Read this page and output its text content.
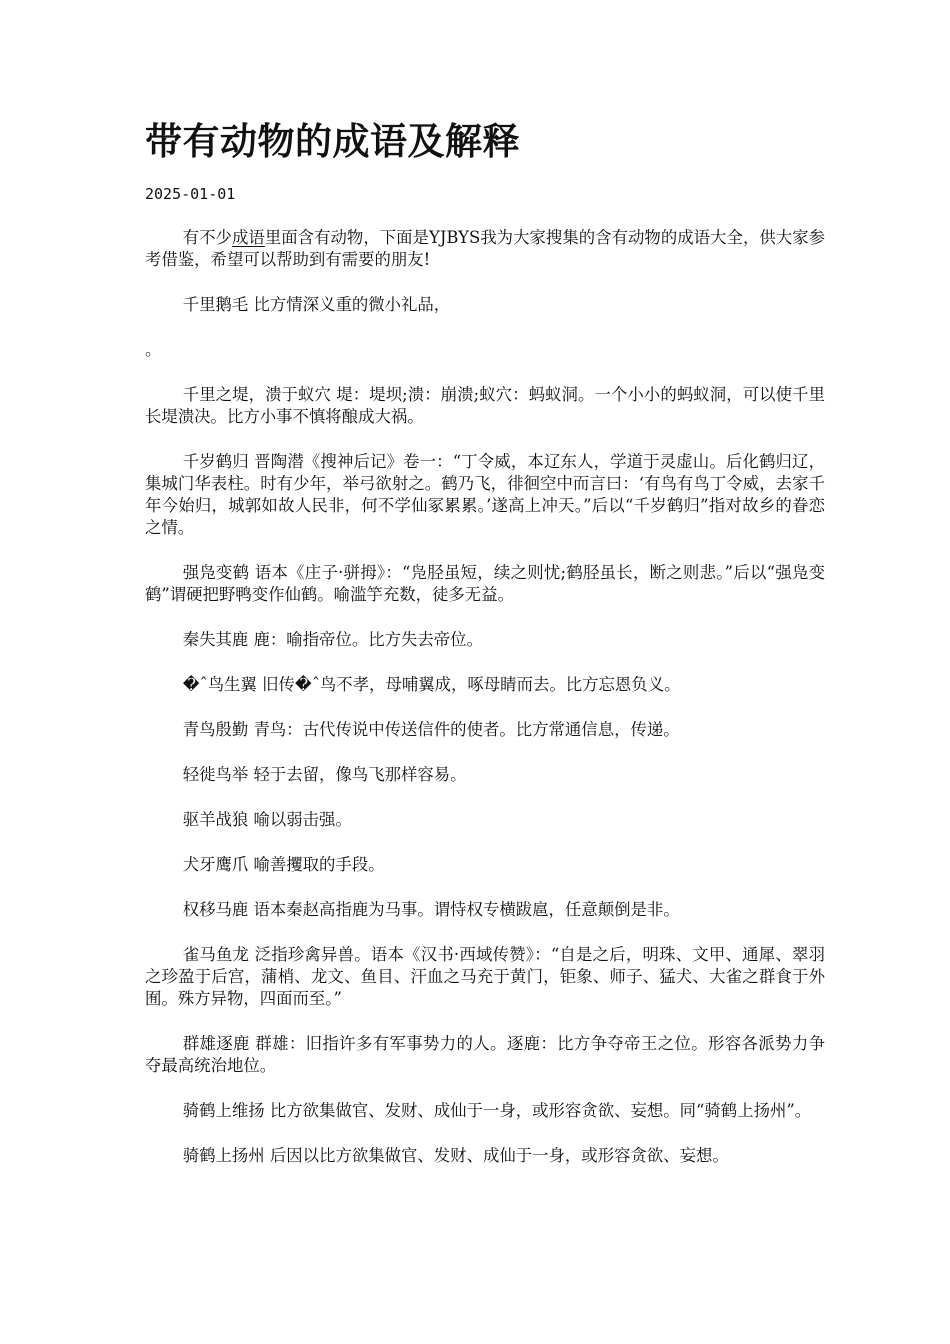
带有动物的成语及解释
2025-01-01

有不少成语里面含有动物，下面是YJBYS我为大家搜集的含有动物的成语大全，供大家参考借鉴，希望可以帮助到有需要的朋友!

千里鹅毛 比方情深义重的微小礼品，

。

千里之堤，溃于蚁穴 堤：堤坝;溃：崩溃;蚁穴：蚂蚁洞。一个小小的蚂蚁洞，可以使千里长堤溃决。比方小事不慎将酿成大祸。

千岁鹤归 晋陶潜《搜神后记》卷一：“丁令威，本辽东人，学道于灵虚山。后化鹤归辽，集城门华表柱。时有少年，举弓欲射之。鹤乃飞，徘徊空中而言曰：‘有鸟有鸟丁令威，去家千年今始归，城郭如故人民非，何不学仙冢累累。’遂高上冲天。”后以“千岁鹤归”指对故乡的眷恋之情。

强凫变鹤 语本《庄子·骈拇》：“凫胫虽短，续之则忧;鹤胫虽长，断之则悲。”后以“强凫变鹤”谓硬把野鸭变作仙鹤。喻滥竽充数，徒多无益。

秦失其鹿 鹿：喻指帝位。比方失去帝位。

�ˆ鸟生翼 旧传�ˆ鸟不孝，母哺翼成，啄母睛而去。比方忘恩负义。

青鸟殷勤 青鸟：古代传说中传送信件的使者。比方常通信息，传递。

轻徙鸟举 轻于去留，像鸟飞那样容易。

驱羊战狼 喻以弱击强。

犬牙鹰爪 喻善攫取的手段。

权移马鹿 语本秦赵高指鹿为马事。谓恃权专横跋扈，任意颠倒是非。

雀马鱼龙 泛指珍禽异兽。语本《汉书·西域传赞》：“自是之后，明珠、文甲、通犀、翠羽之珍盈于后宫，蒲梢、龙文、鱼目、汗血之马充于黄门，钜象、师子、猛犬、大雀之群食于外囿。殊方异物，四面而至。”

群雄逐鹿 群雄：旧指许多有军事势力的人。逐鹿：比方争夺帝王之位。形容各派势力争夺最高统治地位。

骑鹤上维扬 比方欲集做官、发财、成仙于一身，或形容贪欲、妄想。同“骑鹤上扬州”。

骑鹤上扬州 后因以比方欲集做官、发财、成仙于一身，或形容贪欲、妄想。
